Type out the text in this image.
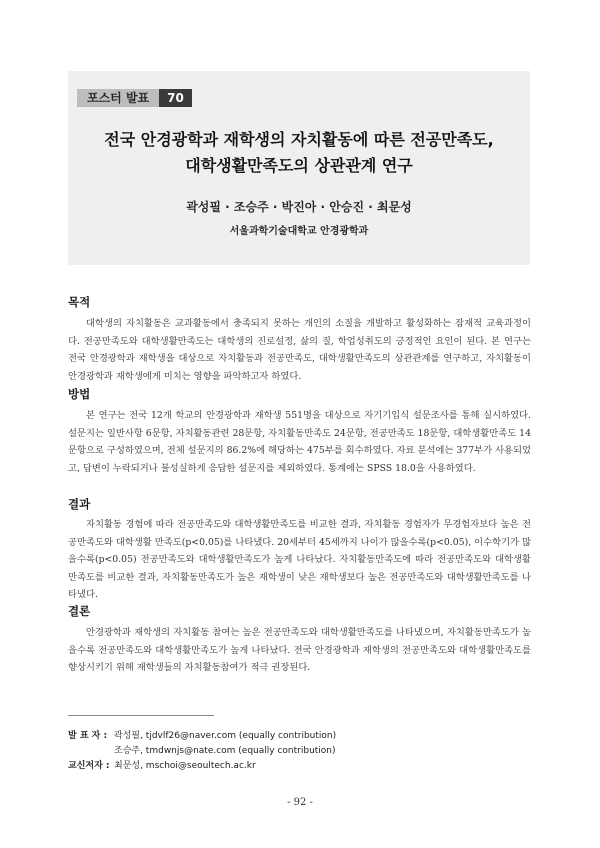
포스터 발표	70
전국 안경광학과 재학생의 자치활동에 따른 전공만족도,
대학생활만족도의 상관관계 연구
곽성필 · 조승주 · 박진아 · 안승진 · 최문성
서울과학기술대학교 안경광학과
목적
대학생의 자치활동은 교과활동에서 충족되지 못하는 개인의 소질을 개발하고 활성화하는 잠재적 교육과정이다. 전공만족도와 대학생활만족도는 대학생의 진로설정, 삶의 질, 학업성취도의 긍정적인 요인이 된다. 본 연구는 전국 안경광학과 재학생을 대상으로 자치활동과 전공만족도, 대학생활만족도의 상관관계를 연구하고, 자치활동이 안경광학과 재학생에게 미치는 영향을 파악하고자 하였다.
방법
본 연구는 전국 12개 학교의 안경광학과 재학생 551명을 대상으로 자기기입식 설문조사를 통해 실시하였다. 설문지는 일반사항 6문항, 자치활동관련 28문항, 자치활동만족도 24문항, 전공만족도 18문항, 대학생활만족도 14문항으로 구성하였으며, 전체 설문지의 86.2%에 해당하는 475부를 회수하였다. 자료 분석에는 377부가 사용되었고, 답변이 누락되거나 불성실하게 응답한 설문지를 제외하였다. 통계에는 SPSS 18.0을 사용하였다.
결과
자치활동 경험에 따라 전공만족도와 대학생활만족도를 비교한 결과, 자치활동 경험자가 무경험자보다 높은 전공만족도와 대학생활 만족도(p<0.05)를 나타냈다. 20세부터 45세까지 나이가 많을수록(p<0.05), 이수학기가 많을수록(p<0.05) 전공만족도와 대학생활만족도가 높게 나타났다. 자치활동만족도에 따라 전공만족도와 대학생활만족도를 비교한 결과, 자치활동만족도가 높은 재학생이 낮은 재학생보다 높은 전공만족도와 대학생활만족도를 나타냈다.
결론
안경광학과 재학생의 자치활동 참여는 높은 전공만족도와 대학생활만족도를 나타냈으며, 자치활동만족도가 높을수록 전공만족도와 대학생활만족도가 높게 나타났다. 전국 안경광학과 재학생의 전공만족도와 대학생활만족도를 향상시키기 위해 재학생들의 자치활동참여가 적극 권장된다.
발 표 자 : 곽성필, tjdvlf26@naver.com (equally contribution)
조승주, tmdwnjs@nate.com (equally contribution)
교신저자 : 최문성, mschoi@seoultech.ac.kr
- 92 -
